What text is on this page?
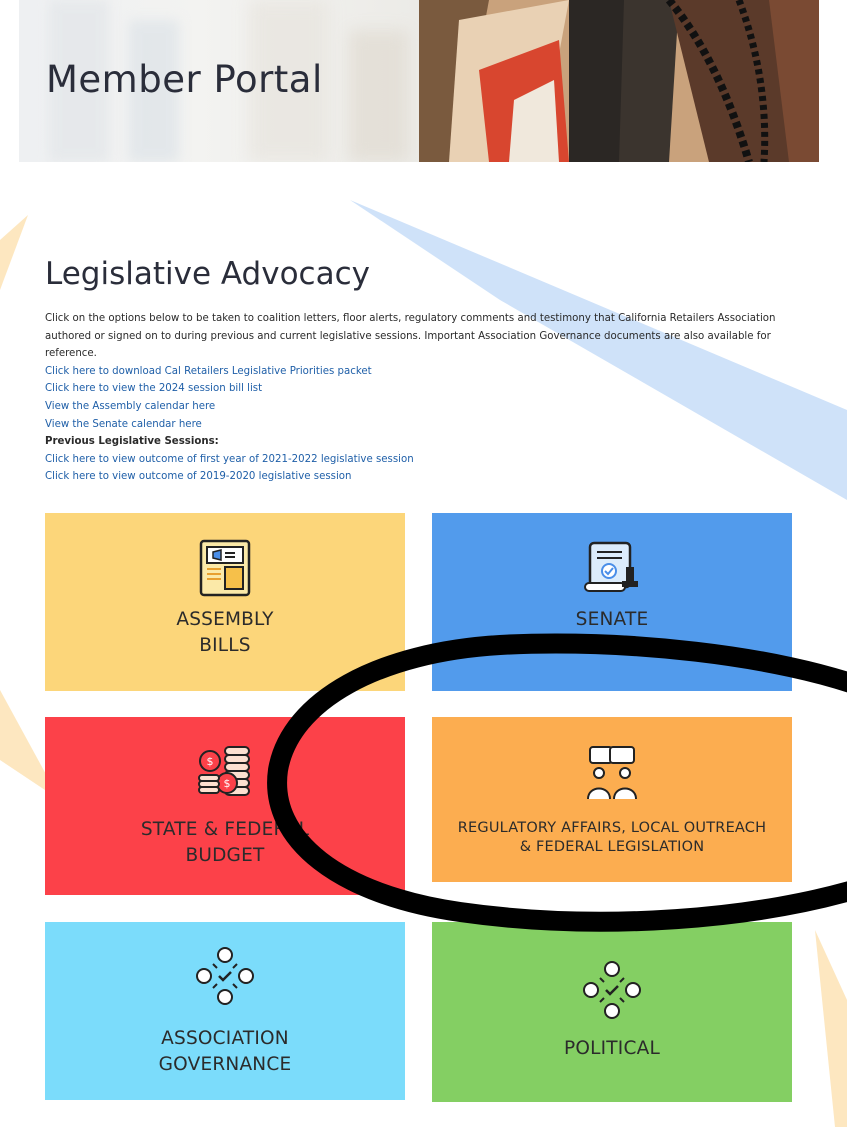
Member Portal
Legislative Advocacy

Click on the options below to be taken to coalition letters, floor alerts, regulatory comments and testimony that California Retailers Association authored or signed on to during previous and current legislative sessions. Important Association Governance documents are also available for reference.

Click here to download Cal Retailers Legislative Priorities packet
Click here to view the 2024 session bill list
View the Assembly calendar here
View the Senate calendar here
Previous Legislative Sessions:
Click here to view outcome of first year of 2021-2022 legislative session
Click here to view outcome of 2019-2020 legislative session
ASSEMBLY
BILLS
SENATE
BILLS
$
$
STATE & FEDERAL
BUDGET
REGULATORY AFFAIRS, LOCAL OUTREACH
& FEDERAL LEGISLATION
ASSOCIATION
GOVERNANCE
POLITICAL
